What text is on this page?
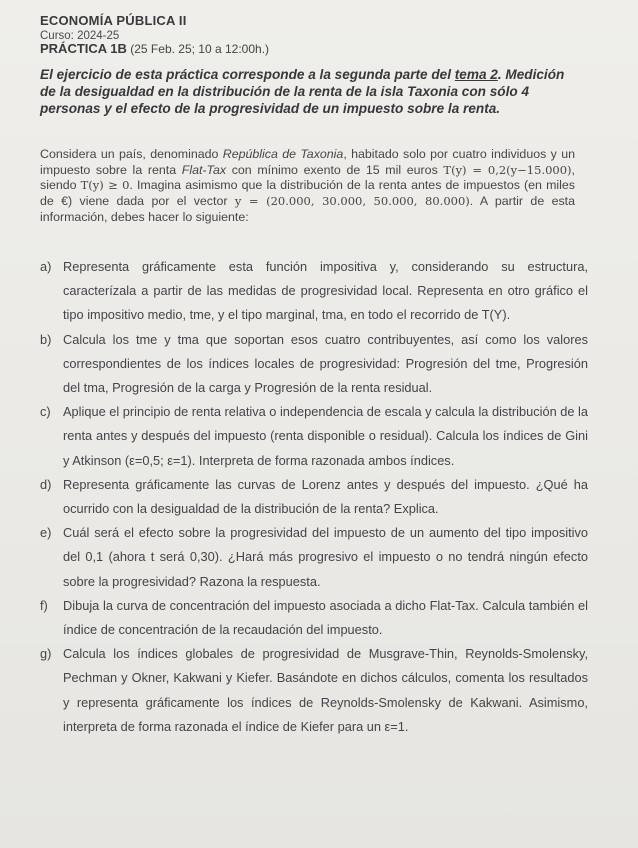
ECONOMÍA PÚBLICA II
Curso: 2024-25
PRÁCTICA 1B (25 Feb. 25; 10 a 12:00h.)
El ejercicio de esta práctica corresponde a la segunda parte del tema 2. Medición de la desigualdad en la distribución de la renta de la isla Taxonia con sólo 4 personas y el efecto de la progresividad de un impuesto sobre la renta.
Considera un país, denominado República de Taxonia, habitado solo por cuatro individuos y un impuesto sobre la renta Flat-Tax con mínimo exento de 15 mil euros T(y) = 0,2(y−15.000), siendo T(y) ≥ 0. Imagina asimismo que la distribución de la renta antes de impuestos (en miles de €) viene dada por el vector y = (20.000, 30.000, 50.000, 80.000). A partir de esta información, debes hacer lo siguiente:
a) Representa gráficamente esta función impositiva y, considerando su estructura, caracterízala a partir de las medidas de progresividad local. Representa en otro gráfico el tipo impositivo medio, tme, y el tipo marginal, tma, en todo el recorrido de T(Y).
b) Calcula los tme y tma que soportan esos cuatro contribuyentes, así como los valores correspondientes de los índices locales de progresividad: Progresión del tme, Progresión del tma, Progresión de la carga y Progresión de la renta residual.
c) Aplique el principio de renta relativa o independencia de escala y calcula la distribución de la renta antes y después del impuesto (renta disponible o residual). Calcula los índices de Gini y Atkinson (ε=0,5; ε=1). Interpreta de forma razonada ambos índices.
d) Representa gráficamente las curvas de Lorenz antes y después del impuesto. ¿Qué ha ocurrido con la desigualdad de la distribución de la renta? Explica.
e) Cuál será el efecto sobre la progresividad del impuesto de un aumento del tipo impositivo del 0,1 (ahora t será 0,30). ¿Hará más progresivo el impuesto o no tendrá ningún efecto sobre la progresividad? Razona la respuesta.
f) Dibuja la curva de concentración del impuesto asociada a dicho Flat-Tax. Calcula también el índice de concentración de la recaudación del impuesto.
g) Calcula los índices globales de progresividad de Musgrave-Thin, Reynolds-Smolensky, Pechman y Okner, Kakwani y Kiefer. Basándote en dichos cálculos, comenta los resultados y representa gráficamente los índices de Reynolds-Smolensky de Kakwani. Asimismo, interpreta de forma razonada el índice de Kiefer para un ε=1.
